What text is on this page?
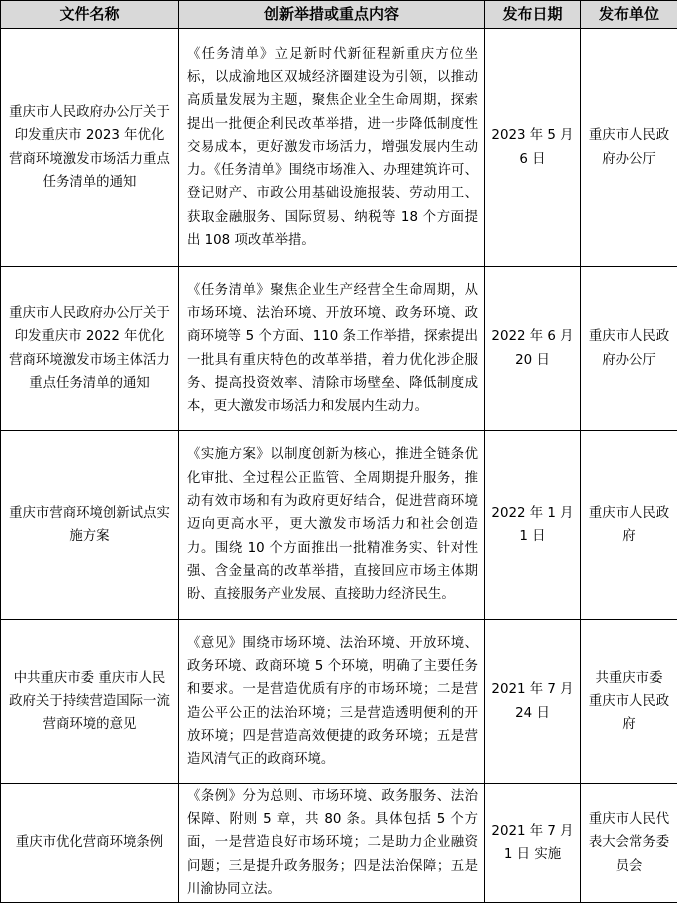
文件名称	创新举措或重点内容	发布日期	发布单位
重庆市人民政府办公厅关于印发重庆市 2023 年优化营商环境激发市场活力重点任务清单的通知	《任务清单》立足新时代新征程新重庆方位坐标，以成渝地区双城经济圈建设为引领，以推动高质量发展为主题，聚焦企业全生命周期，探索提出一批便企利民改革举措，进一步降低制度性交易成本，更好激发市场活力，增强发展内生动力。《任务清单》围绕市场准入、办理建筑许可、登记财产、市政公用基础设施报装、劳动用工、获取金融服务、国际贸易、纳税等 18 个方面提出 108 项改革举措。	2023 年 5 月 6 日	重庆市人民政府办公厅
重庆市人民政府办公厅关于印发重庆市 2022 年优化营商环境激发市场主体活力重点任务清单的通知	《任务清单》聚焦企业生产经营全生命周期，从市场环境、法治环境、开放环境、政务环境、政商环境等 5 个方面、110 条工作举措，探索提出一批具有重庆特色的改革举措，着力优化涉企服务、提高投资效率、清除市场壁垒、降低制度成本，更大激发市场活力和发展内生动力。	2022 年 6 月 20 日	重庆市人民政府办公厅
重庆市营商环境创新试点实施方案	《实施方案》以制度创新为核心，推进全链条优化审批、全过程公正监管、全周期提升服务，推动有效市场和有为政府更好结合，促进营商环境迈向更高水平，更大激发市场活力和社会创造力。围绕 10 个方面推出一批精准务实、针对性强、含金量高的改革举措，直接回应市场主体期盼、直接服务产业发展、直接助力经济民生。	2022 年 1 月 1 日	重庆市人民政府
中共重庆市委 重庆市人民政府关于持续营造国际一流营商环境的意见	《意见》围绕市场环境、法治环境、开放环境、政务环境、政商环境 5 个环境，明确了主要任务和要求。一是营造优质有序的市场环境；二是营造公平公正的法治环境；三是营造透明便利的开放环境；四是营造高效便捷的政务环境；五是营造风清气正的政商环境。	2021 年 7 月 24 日	共重庆市委 重庆市人民政府
重庆市优化营商环境条例	《条例》分为总则、市场环境、政务服务、法治保障、附则 5 章，共 80 条。具体包括 5 个方面，一是营造良好市场环境；二是助力企业融资问题；三是提升政务服务；四是法治保障；五是川渝协同立法。	2021 年 7 月 1 日 实施	重庆市人民代表大会常务委员会
